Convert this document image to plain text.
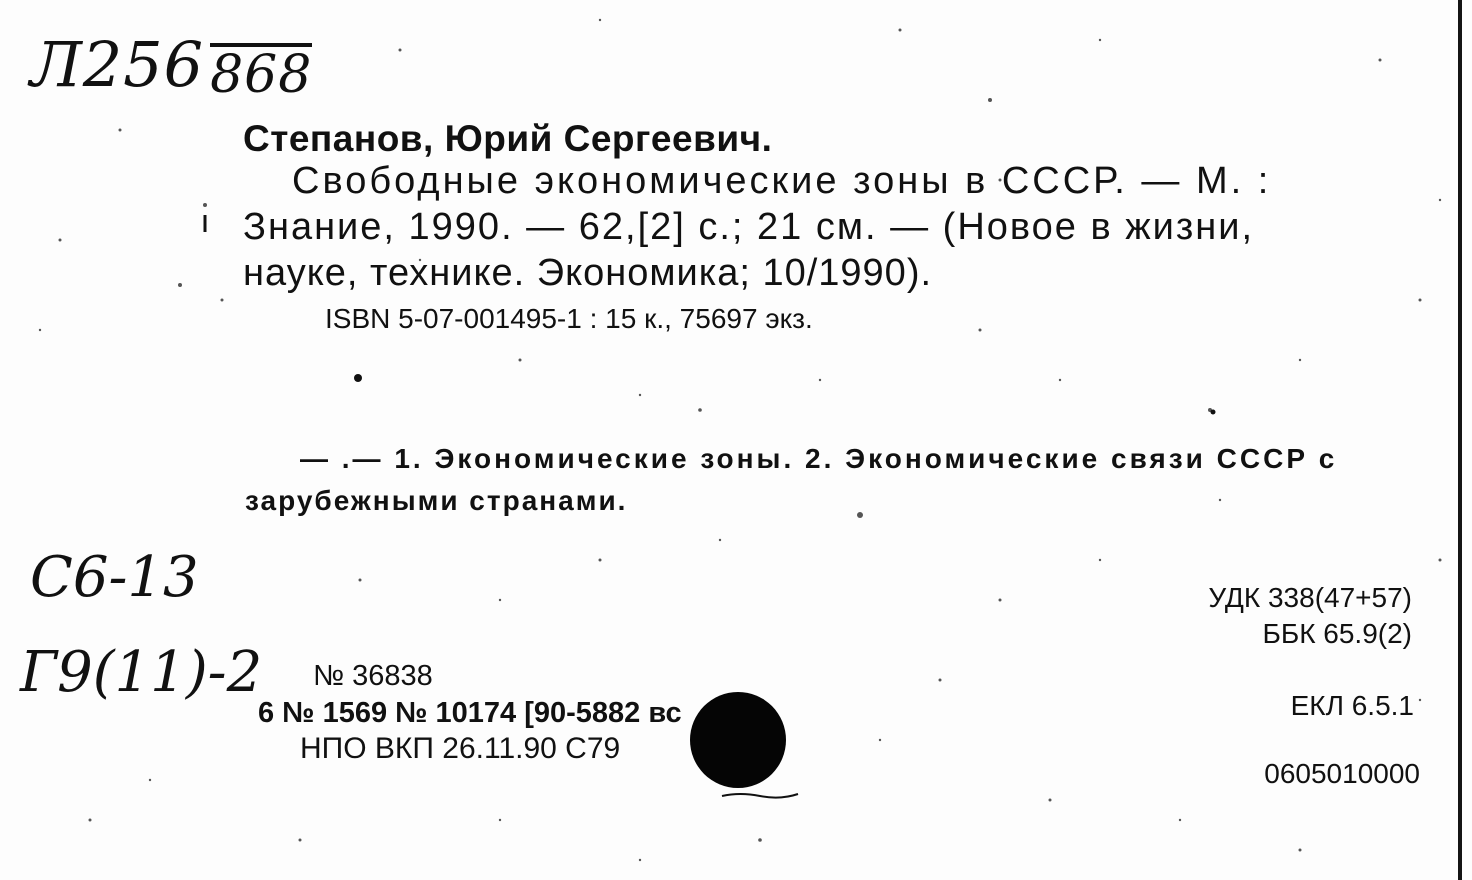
Л256 868
Степанов, Юрий Сергеевич.
Свободные экономические зоны в СССР. — М. :
Знание, 1990. — 62,[2] с.; 21 см. — (Новое в жизни,
науке, технике. Экономика; 10/1990).
ISBN 5-07-001495-1 : 15 к., 75697 экз.
— .— 1. Экономические зоны. 2. Экономические связи СССР с
зарубежными странами.
С6-13
Г9(11)-2
УДК 338(47+57)
ББК 65.9(2)
ЕКЛ 6.5.1
0605010000
№ 36838
6 № 1569 № 10174 [90-5882 вс
НПО ВКП 26.11.90 С79
